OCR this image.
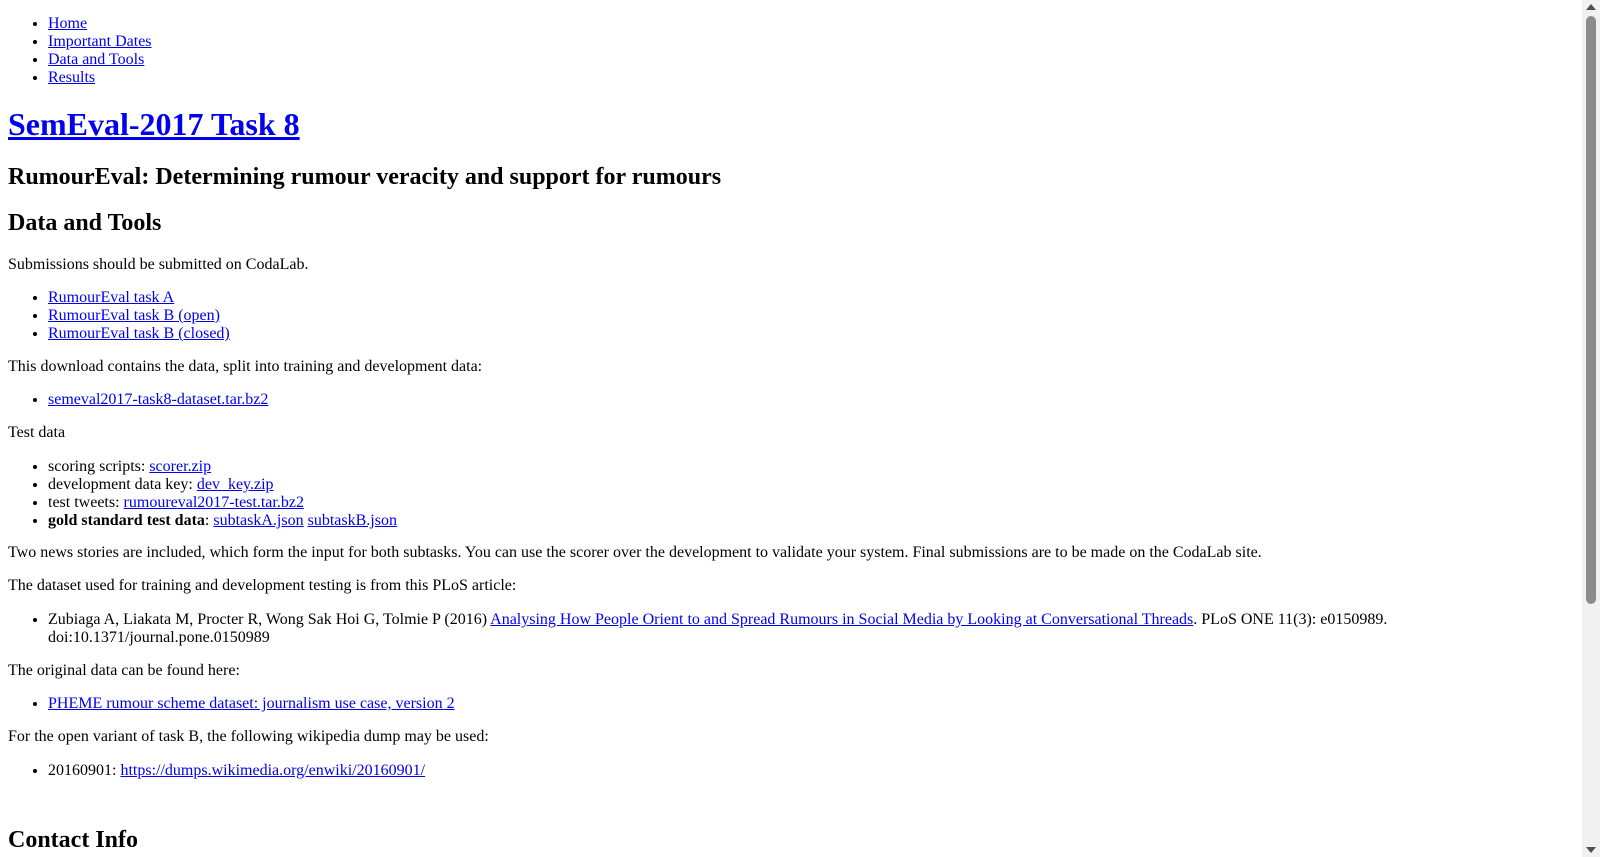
• Home
• Important Dates
• Data and Tools
• Results
SemEval-2017 Task 8
RumourEval: Determining rumour veracity and support for rumours
Data and Tools

Submissions should be submitted on CodaLab.

• RumourEval task A
• RumourEval task B (open)
• RumourEval task B (closed)

This download contains the data, split into training and development data:

• semeval2017-task8-dataset.tar.bz2

Test data

• scoring scripts: scorer.zip
• development data key: dev_key.zip
• test tweets: rumoureval2017-test.tar.bz2
• gold standard test data: subtaskA.json subtaskB.json

Two news stories are included, which form the input for both subtasks. You can use the scorer over the development to validate your system. Final submissions are to be made on the CodaLab site.

The dataset used for training and development testing is from this PLoS article:

• Zubiaga A, Liakata M, Procter R, Wong Sak Hoi G, Tolmie P (2016) Analysing How People Orient to and Spread Rumours in Social Media by Looking at Conversational Threads. PLoS ONE 11(3): e0150989. doi:10.1371/journal.pone.0150989

The original data can be found here:

• PHEME rumour scheme dataset: journalism use case, version 2

For the open variant of task B, the following wikipedia dump may be used:

• 20160901: https://dumps.wikimedia.org/enwiki/20160901/
Contact Info
